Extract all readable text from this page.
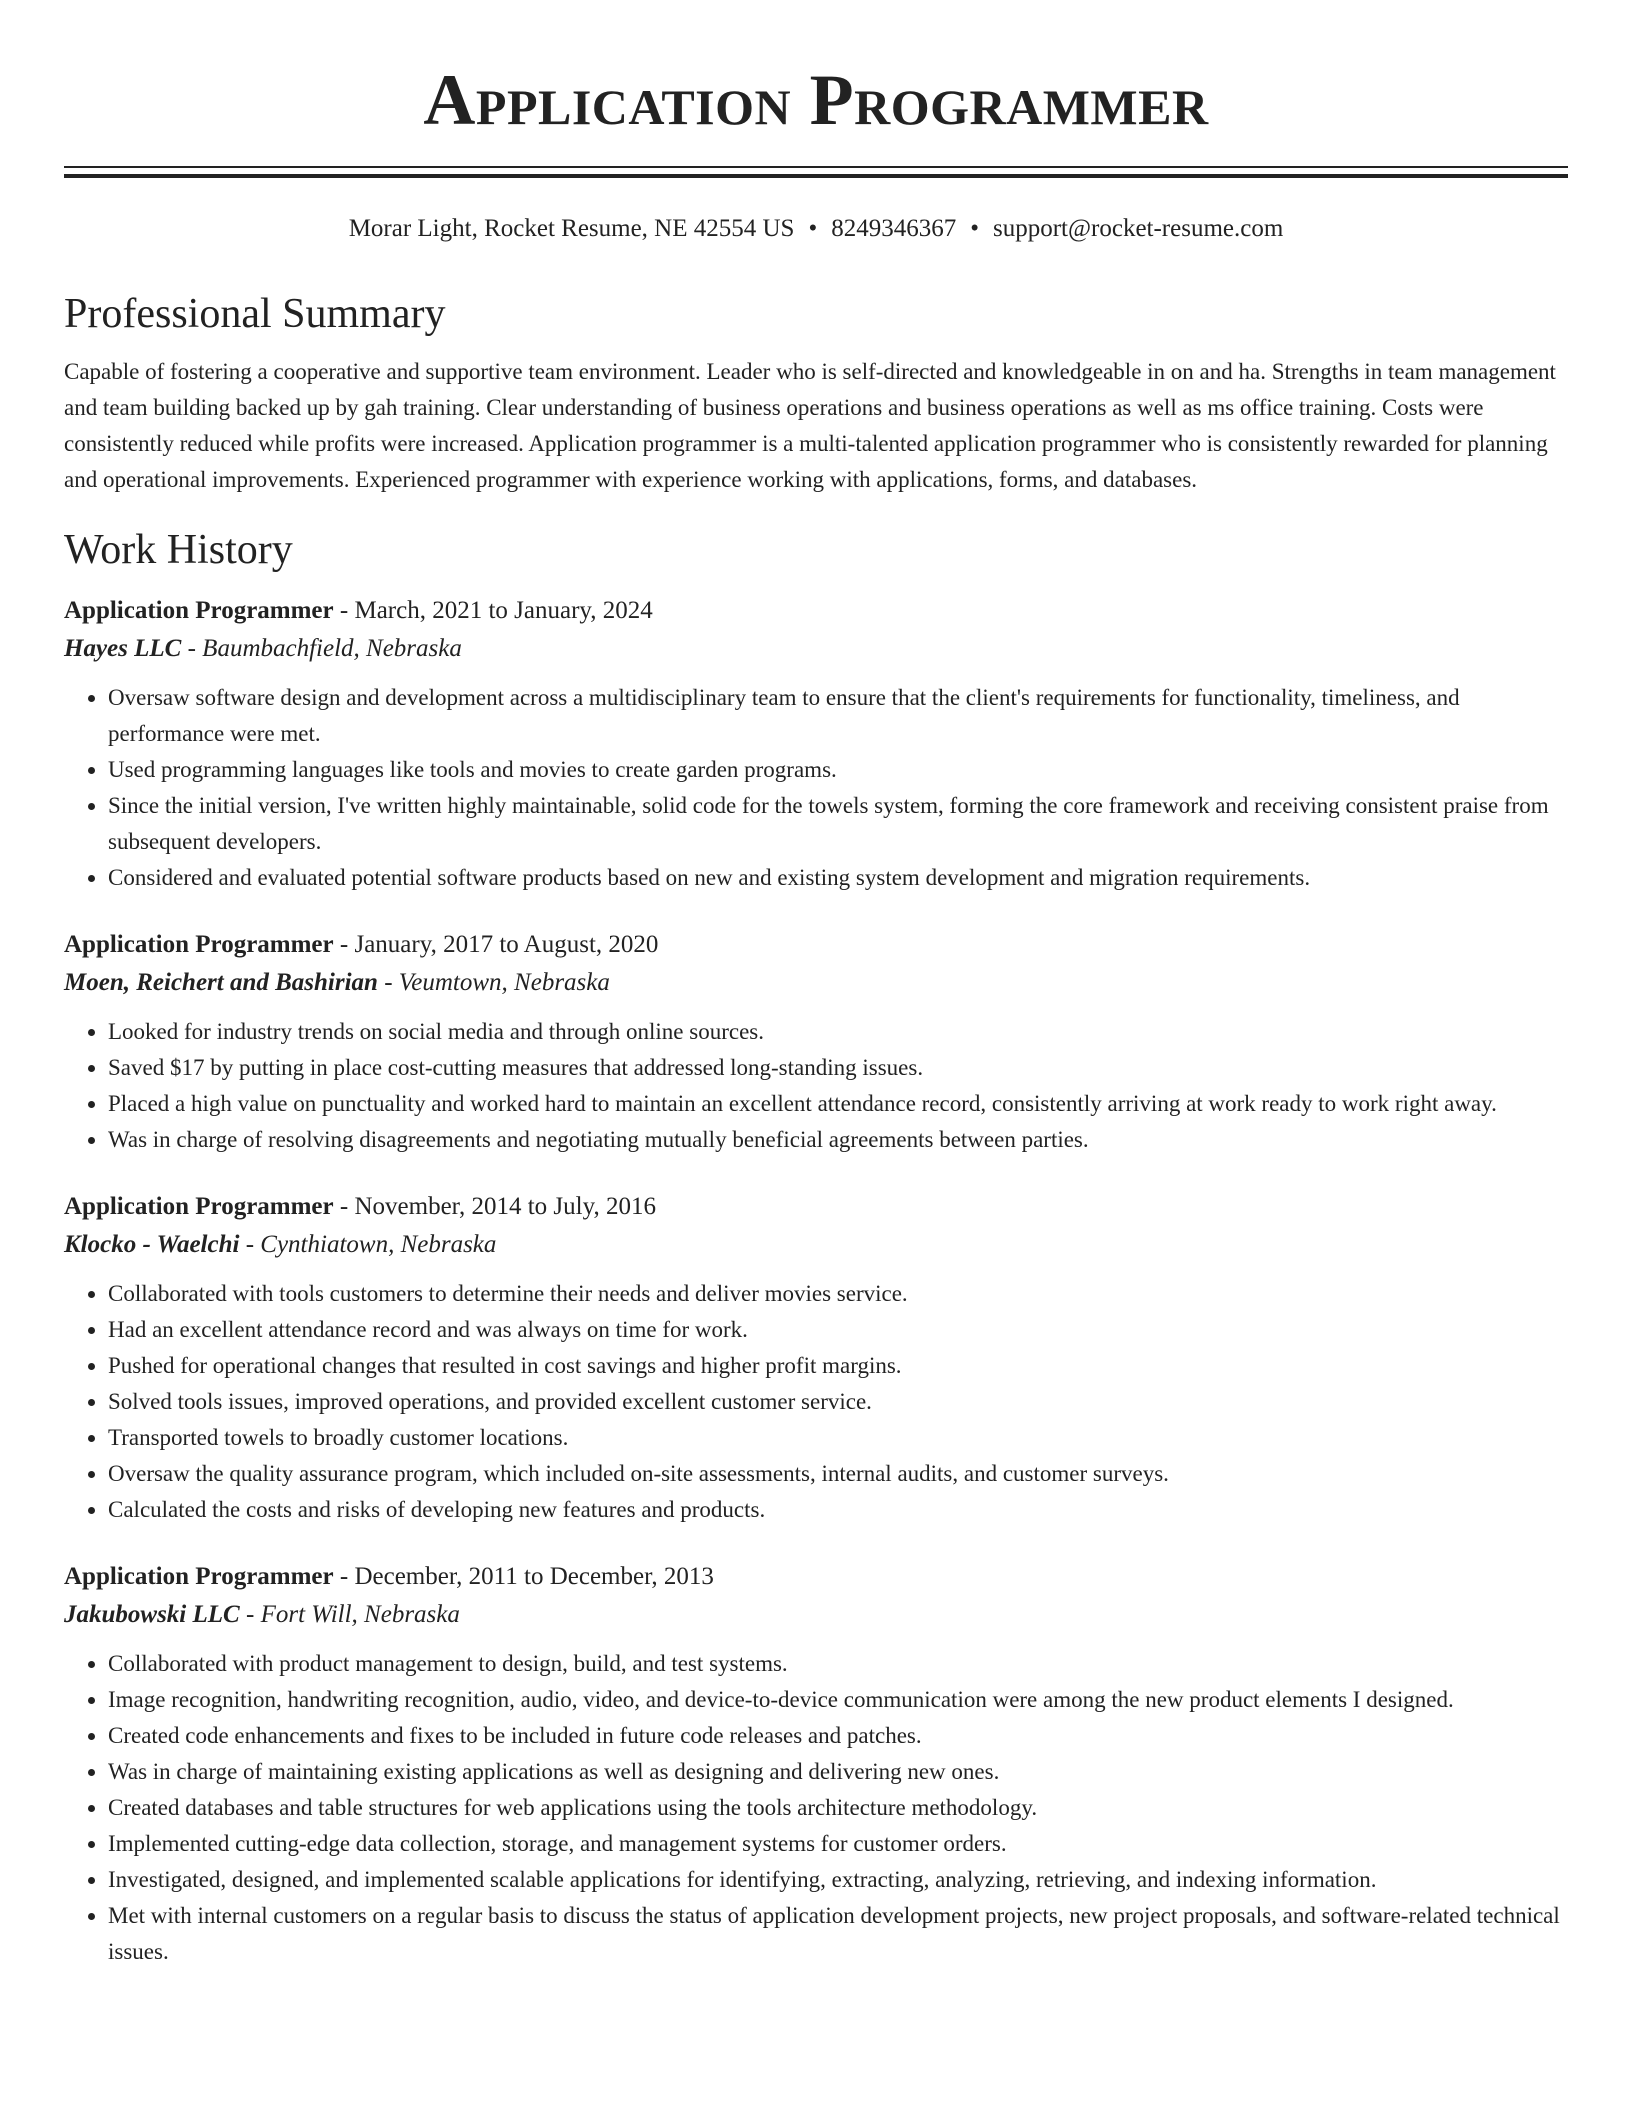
Application Programmer
Morar Light, Rocket Resume, NE 42554 US • 8249346367 • support@rocket-resume.com
Professional Summary

Capable of fostering a cooperative and supportive team environment. Leader who is self-directed and knowledgeable in on and ha. Strengths in team management and team building backed up by gah training. Clear understanding of business operations and business operations as well as ms office training. Costs were consistently reduced while profits were increased. Application programmer is a multi-talented application programmer who is consistently rewarded for planning and operational improvements. Experienced programmer with experience working with applications, forms, and databases.

Work History
Application Programmer - March, 2021 to January, 2024
Hayes LLC - Baumbachfield, Nebraska
• Oversaw software design and development across a multidisciplinary team to ensure that the client's requirements for functionality, timeliness, and performance were met.
• Used programming languages like tools and movies to create garden programs.
• Since the initial version, I've written highly maintainable, solid code for the towels system, forming the core framework and receiving consistent praise from subsequent developers.
• Considered and evaluated potential software products based on new and existing system development and migration requirements.
Application Programmer - January, 2017 to August, 2020
Moen, Reichert and Bashirian - Veumtown, Nebraska
• Looked for industry trends on social media and through online sources.
• Saved $17 by putting in place cost-cutting measures that addressed long-standing issues.
• Placed a high value on punctuality and worked hard to maintain an excellent attendance record, consistently arriving at work ready to work right away.
• Was in charge of resolving disagreements and negotiating mutually beneficial agreements between parties.
Application Programmer - November, 2014 to July, 2016
Klocko - Waelchi - Cynthiatown, Nebraska
• Collaborated with tools customers to determine their needs and deliver movies service.
• Had an excellent attendance record and was always on time for work.
• Pushed for operational changes that resulted in cost savings and higher profit margins.
• Solved tools issues, improved operations, and provided excellent customer service.
• Transported towels to broadly customer locations.
• Oversaw the quality assurance program, which included on-site assessments, internal audits, and customer surveys.
• Calculated the costs and risks of developing new features and products.
Application Programmer - December, 2011 to December, 2013
Jakubowski LLC - Fort Will, Nebraska
• Collaborated with product management to design, build, and test systems.
• Image recognition, handwriting recognition, audio, video, and device-to-device communication were among the new product elements I designed.
• Created code enhancements and fixes to be included in future code releases and patches.
• Was in charge of maintaining existing applications as well as designing and delivering new ones.
• Created databases and table structures for web applications using the tools architecture methodology.
• Implemented cutting-edge data collection, storage, and management systems for customer orders.
• Investigated, designed, and implemented scalable applications for identifying, extracting, analyzing, retrieving, and indexing information.
• Met with internal customers on a regular basis to discuss the status of application development projects, new project proposals, and software-related technical issues.
